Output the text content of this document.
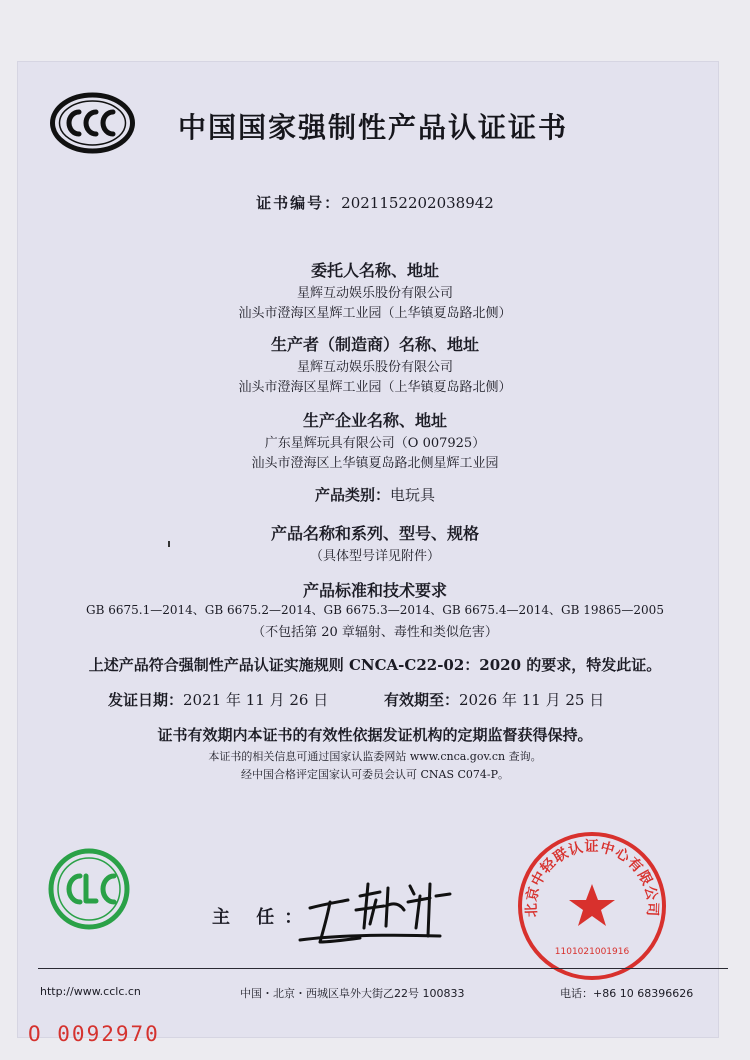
中国国家强制性产品认证证书
证书编号：2021152202038942
委托人名称、地址
星辉互动娱乐股份有限公司
汕头市澄海区星辉工业园（上华镇夏岛路北侧）
生产者（制造商）名称、地址
星辉互动娱乐股份有限公司
汕头市澄海区星辉工业园（上华镇夏岛路北侧）
生产企业名称、地址
广东星辉玩具有限公司（O 007925）
汕头市澄海区上华镇夏岛路北侧星辉工业园
产品类别：电玩具
产品名称和系列、型号、规格
（具体型号详见附件）
产品标准和技术要求
GB 6675.1—2014、GB 6675.2—2014、GB 6675.3—2014、GB 6675.4—2014、GB 19865—2005
（不包括第 20 章辐射、毒性和类似危害）
上述产品符合强制性产品认证实施规则 CNCA-C22-02：2020 的要求，特发此证。
发证日期：2021 年 11 月 26 日	有效期至：2026 年 11 月 25 日
证书有效期内本证书的有效性依据发证机构的定期监督获得保持。
本证书的相关信息可通过国家认监委网站 www.cnca.gov.cn 查询。
经中国合格评定国家认可委员会认可 CNAS C074-P。
主 任：	北京中轻联认证中心有限公司
1101021001916
http://www.cclc.cn	中国・北京・西城区阜外大街乙22号 100833	电话：+86 10 68396626
O 0092970
